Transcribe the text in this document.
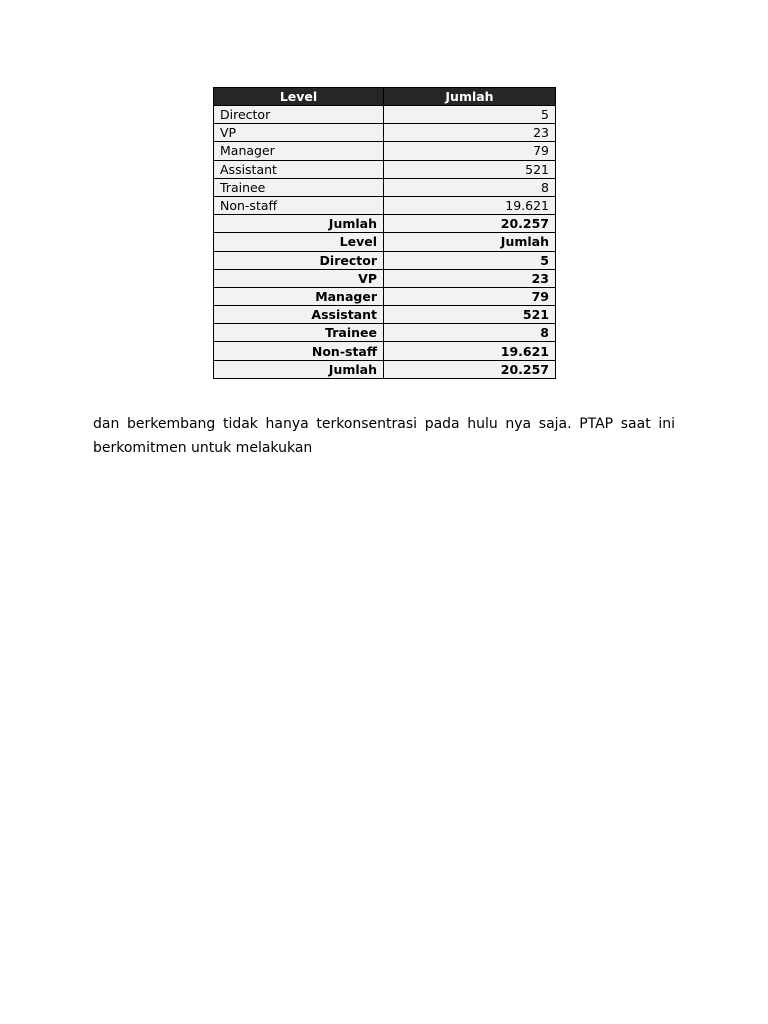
Level	Jumlah
Director	5
VP	23
Manager	79
Assistant	521
Trainee	8
Non-staff	19.621
Jumlah	20.257
Level	Jumlah
Director	5
VP	23
Manager	79
Assistant	521
Trainee	8
Non-staff	19.621
Jumlah	20.257

dan berkembang tidak hanya terkonsentrasi pada hulu nya saja. PTAP saat ini
berkomitmen untuk melakukan
